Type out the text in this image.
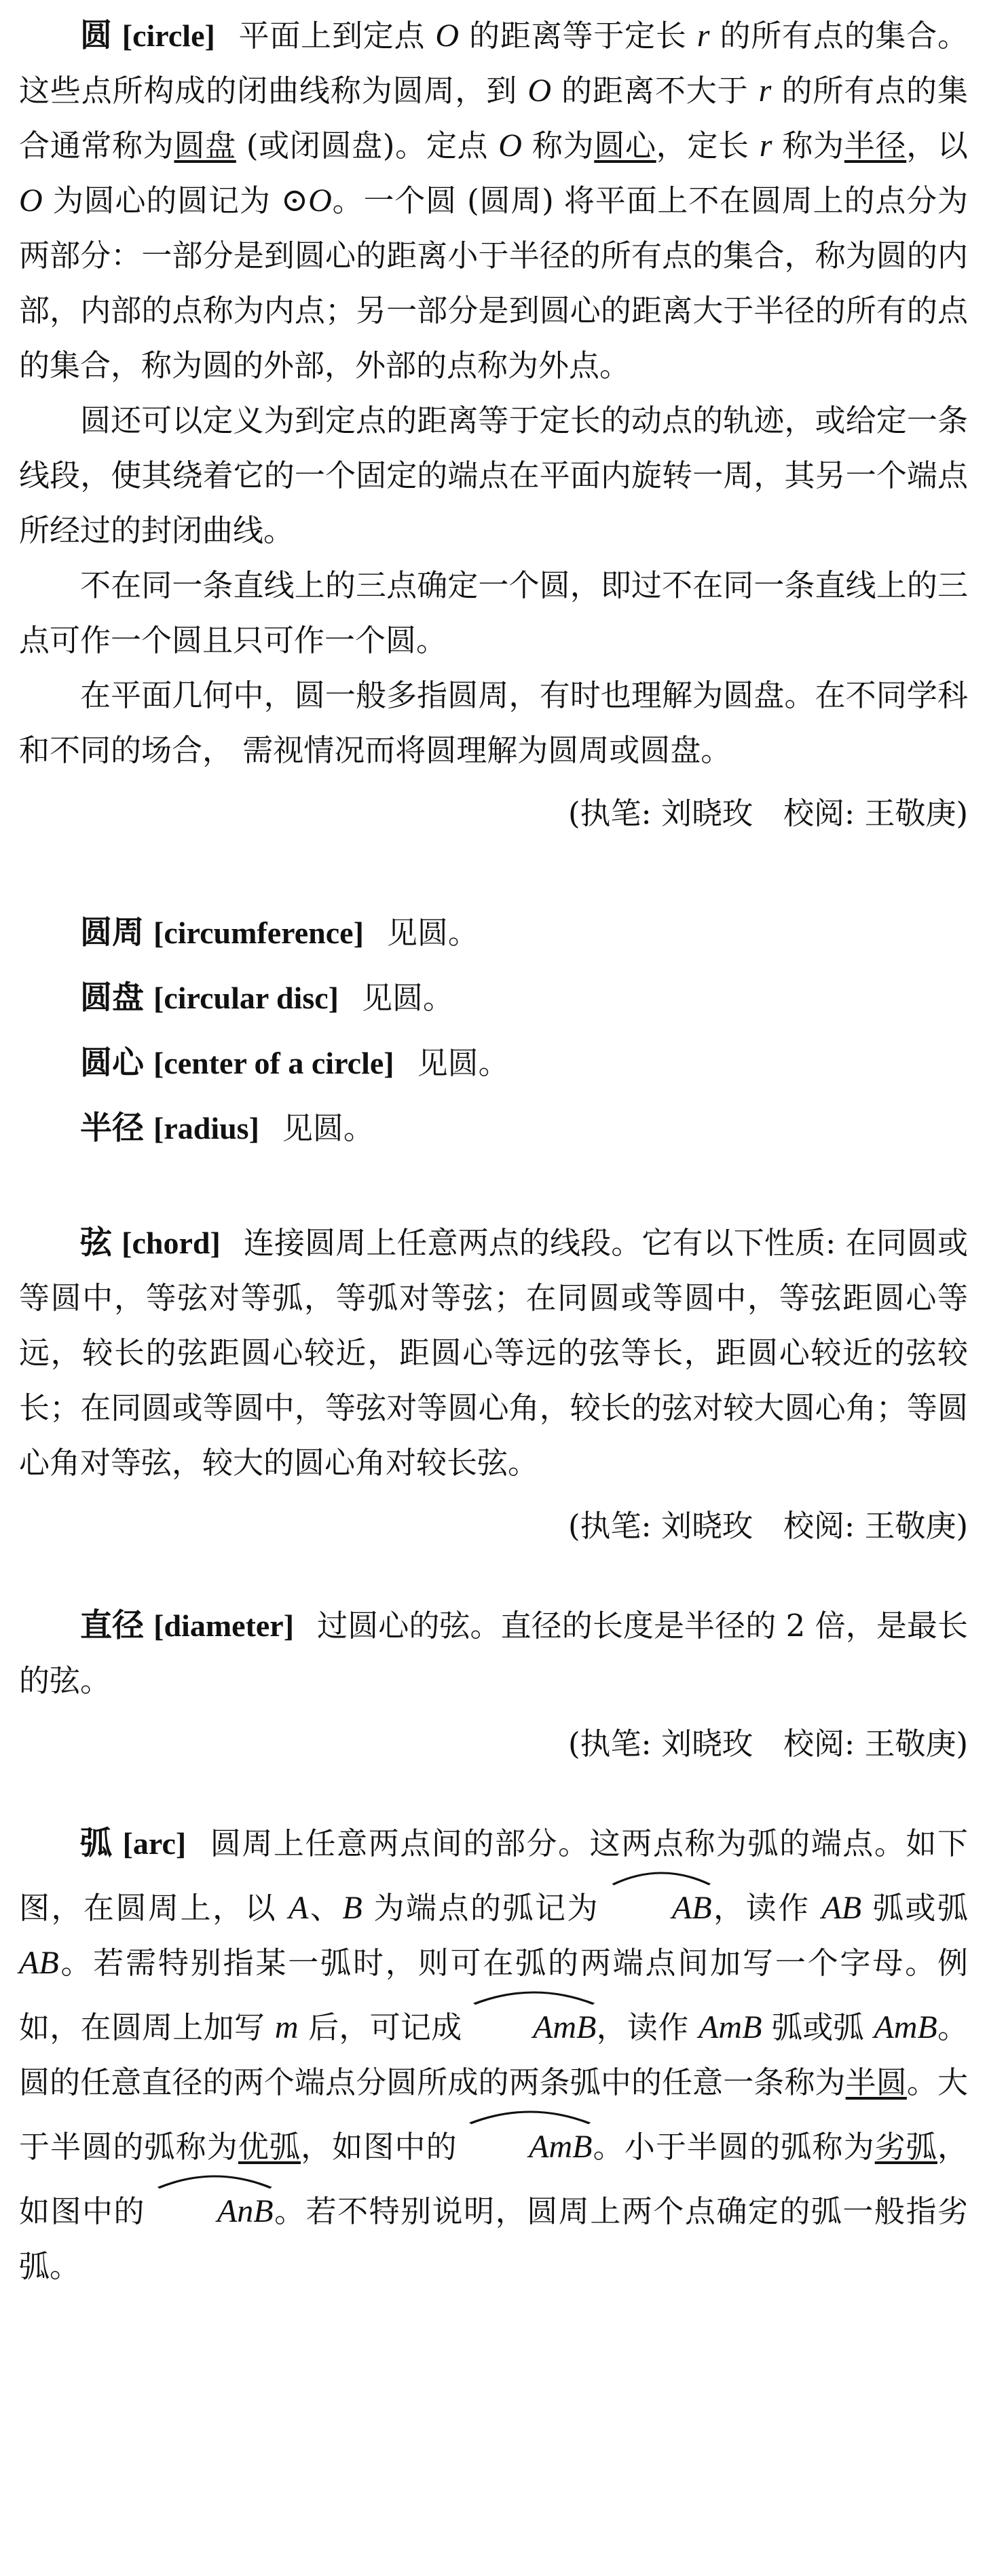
圆 [circle] 平面上到定点 O 的距离等于定长 r 的所有点的集合。这些点所构成的闭曲线称为圆周，到 O 的距离不大于 r 的所有点的集合通常称为圆盘 (或闭圆盘)。定点 O 称为圆心，定长 r 称为半径，以 O 为圆心的圆记为 ⊙O。一个圆 (圆周) 将平面上不在圆周上的点分为两部分：一部分是到圆心的距离小于半径的所有点的集合，称为圆的内部，内部的点称为内点；另一部分是到圆心的距离大于半径的所有的点的集合，称为圆的外部，外部的点称为外点。

圆还可以定义为到定点的距离等于定长的动点的轨迹，或给定一条线段，使其绕着它的一个固定的端点在平面内旋转一周，其另一个端点所经过的封闭曲线。

不在同一条直线上的三点确定一个圆，即过不在同一条直线上的三点可作一个圆且只可作一个圆。

在平面几何中，圆一般多指圆周，有时也理解为圆盘。在不同学科和不同的场合， 需视情况而将圆理解为圆周或圆盘。

(执笔: 刘晓玫　校阅: 王敬庚)

圆周 [circumference] 见圆。

圆盘 [circular disc] 见圆。

圆心 [center of a circle] 见圆。

半径 [radius] 见圆。

弦 [chord] 连接圆周上任意两点的线段。它有以下性质: 在同圆或等圆中，等弦对等弧，等弧对等弦；在同圆或等圆中，等弦距圆心等远，较长的弦距圆心较近，距圆心等远的弦等长，距圆心较近的弦较长；在同圆或等圆中，等弦对等圆心角，较长的弦对较大圆心角；等圆心角对等弦，较大的圆心角对较长弦。

(执笔: 刘晓玫　校阅: 王敬庚)

直径 [diameter] 过圆心的弦。直径的长度是半径的 2 倍，是最长的弦。

(执笔: 刘晓玫　校阅: 王敬庚)

弧 [arc] 圆周上任意两点间的部分。这两点称为弧的端点。如下图，在圆周上，以 A、B 为端点的弧记为 AB，读作 AB 弧或弧 AB。若需特别指某一弧时，则可在弧的两端点间加写一个字母。例如，在圆周上加写 m 后，可记成 AmB，读作 AmB 弧或弧 AmB。圆的任意直径的两个端点分圆所成的两条弧中的任意一条称为半圆。大于半圆的弧称为优弧，如图中的 AmB。小于半圆的弧称为劣弧，如图中的 AnB。若不特别说明，圆周上两个点确定的弧一般指劣弧。
